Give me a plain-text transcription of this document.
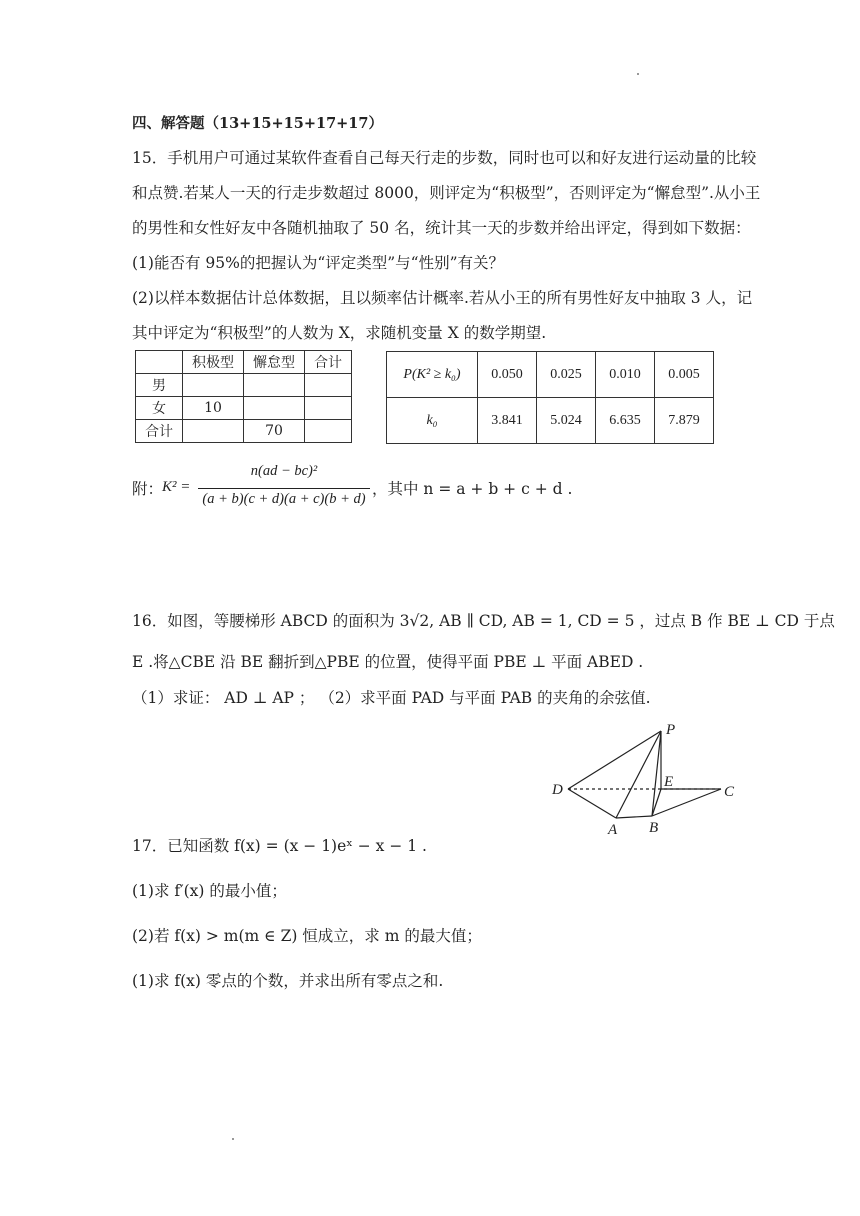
四、解答题（13+15+15+17+17）
15．手机用户可通过某软件查看自己每天行走的步数，同时也可以和好友进行运动量的比较
和点赞.若某人一天的行走步数超过 8000，则评定为“积极型”，否则评定为“懈怠型”.从小王
的男性和女性好友中各随机抽取了 50 名，统计其一天的步数并给出评定，得到如下数据：
(1)能否有 95%的把握认为“评定类型”与“性别”有关？
(2)以样本数据估计总体数据，且以频率估计概率.若从小王的所有男性好友中抽取 3 人，记
其中评定为“积极型”的人数为 X，求随机变量 X 的数学期望.
	积极型	懈怠型	合计
男			
女	10		
合计		70	
P(K² ≥ k₀)	0.050	0.025	0.010	0.005
k₀	3.841	5.024	6.635	7.879
附：
K² =
n(ad − bc)²
(a + b)(c + d)(a + c)(b + d)
，其中 n = a + b + c + d .
16．如图，等腰梯形 ABCD 的面积为 3√2, AB ∥ CD, AB = 1, CD = 5 ，过点 B 作 BE ⊥ CD 于点
E .将△CBE 沿 BE 翻折到△PBE 的位置，使得平面 PBE ⊥ 平面 ABED .
（1）求证： AD ⊥ AP ； （2）求平面 PAD 与平面 PAB 的夹角的余弦值.
P
D	E
C
A B
17．已知函数 f(x) = (x − 1)eˣ − x − 1 .
(1)求 f′(x) 的最小值；
(2)若 f(x) > m(m ∈ Z) 恒成立，求 m 的最大值；
(1)求 f(x) 零点的个数，并求出所有零点之和.
